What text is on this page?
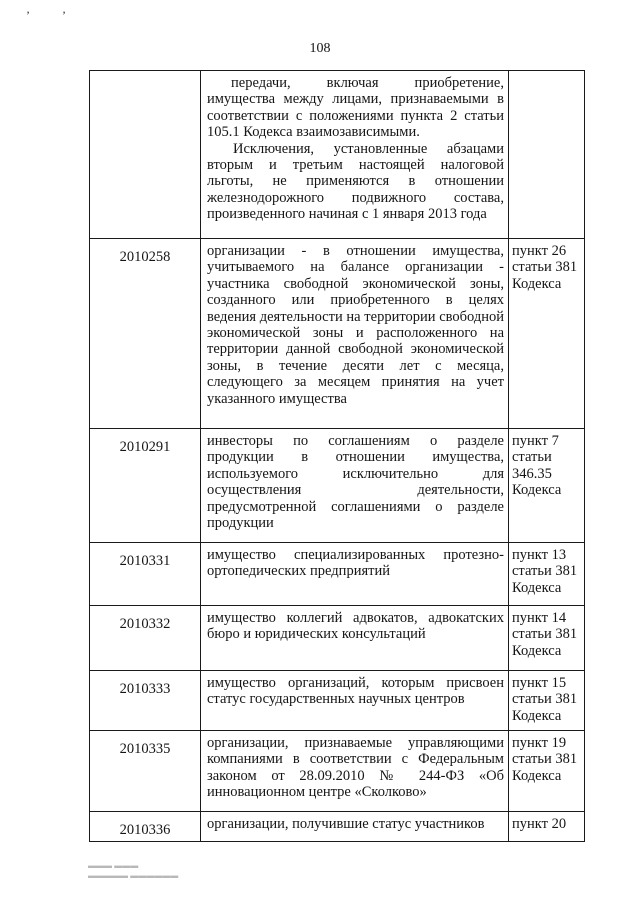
’	’
108

	передачи, включая приобретение, имущества между лицами, признаваемыми в соответствии с положениями пункта 2 статьи 105.1 Кодекса взаимозависимыми.

Исключения, установленные абзацами вторым и третьим настоящей налоговой льготы, не применяются в отношении железнодорожного подвижного состава, произведенного начиная с 1 января 2013 года	

2010258	организации - в отношении имущества, учитываемого на балансе организации - участника свободной экономической зоны, созданного или приобретенного в целях ведения деятельности на территории свободной экономической зоны и расположенного на территории данной свободной экономической зоны, в течение десяти лет с месяца, следующего за месяцем принятия на учет указанного имущества	пункт 26 статьи 381 Кодекса
2010291	инвесторы по соглашениям о разделе продукции в отношении имущества, используемого исключительно для осуществления деятельности, предусмотренной соглашениями о разделе продукции	пункт 7 статьи 346.35 Кодекса
2010331	имущество специализированных протезно-ортопедических предприятий	пункт 13 статьи 381 Кодекса
2010332	имущество коллегий адвокатов, адвокатских бюро и юридических консультаций	пункт 14 статьи 381 Кодекса
2010333	имущество организаций, которым присвоен статус государственных научных центров	пункт 15 статьи 381 Кодекса
2010335	организации, признаваемые управляющими компаниями в соответствии с Федеральным законом от 28.09.2010 № 244-ФЗ «Об инновационном центре «Сколково»	пункт 19 статьи 381 Кодекса
2010336	организации, получившие статус участников	пункт 20
▬▬▬ ▬▬▬
▬▬▬▬▬ ▬▬▬▬▬▬
